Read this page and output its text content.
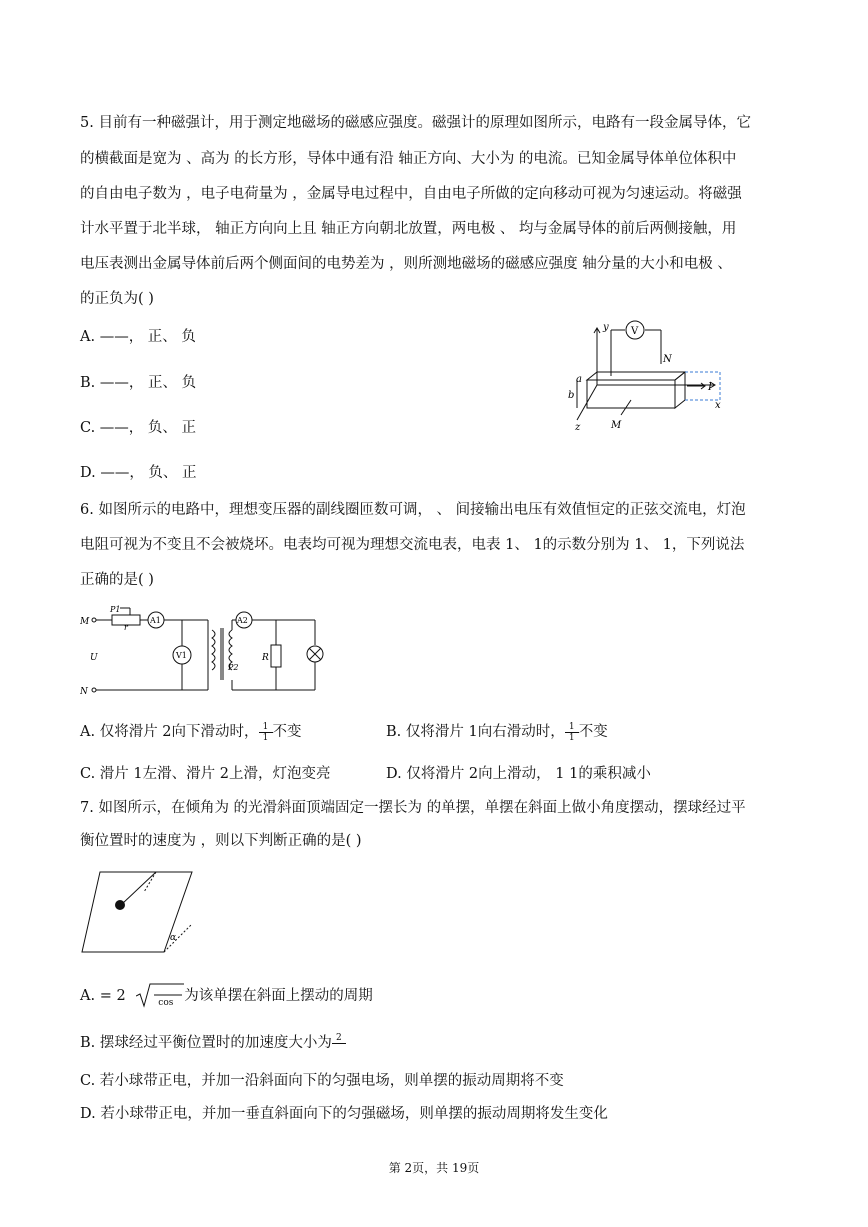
5. 目前有一种磁强计，用于测定地磁场的磁感应强度。磁强计的原理如图所示，电路有一段金属导体，它
的横截面是宽为 、高为 的长方形，导体中通有沿 轴正方向、大小为 的电流。已知金属导体单位体积中
的自由电子数为 ，电子电荷量为 ，金属导电过程中，自由电子所做的定向移动可视为匀速运动。将磁强
计水平置于北半球， 轴正方向向上且 轴正方向朝北放置，两电极 、 均与金属导体的前后两侧接触，用
电压表测出金属导体前后两个侧面间的电势差为 ，则所测地磁场的磁感应强度 轴分量的大小和电极 、
的正负为( )
A. ——， 正、 负
B. ——， 正、 负
C. ——， 负、 正
D. ——， 负、 正
y V
N
a
b
I
x
z	M
6. 如图所示的电路中，理想变压器的副线圈匝数可调， 、 间接输出电压有效值恒定的正弦交流电，灯泡
电阻可视为不变且不会被烧坏。电表均可视为理想交流电表，电表 1、 1的示数分别为 1、 1，下列说法
正确的是( )
M
N
U
P1
r
A1	A2
V1
P2
R
A. 仅将滑片 2向下滑动时， 1
1 不变	B. 仅将滑片 1向右滑动时， 1
1 不变
C. 滑片 1左滑、滑片 2上滑，灯泡变亮	D. 仅将滑片 2向上滑动， 1 1的乘积减小
7. 如图所示，在倾角为 的光滑斜面顶端固定一摆长为 的单摆，单摆在斜面上做小角度摆动，摆球经过平
衡位置时的速度为 ，则以下判断正确的是( )
α
A. = 2	cos 为该单摆在斜面上摆动的周期
B. 摆球经过平衡位置时的加速度大小为 2

C. 若小球带正电，并加一沿斜面向下的匀强电场，则单摆的振动周期将不变
D. 若小球带正电，并加一垂直斜面向下的匀强磁场，则单摆的振动周期将发生变化
第 2页，共 19页
